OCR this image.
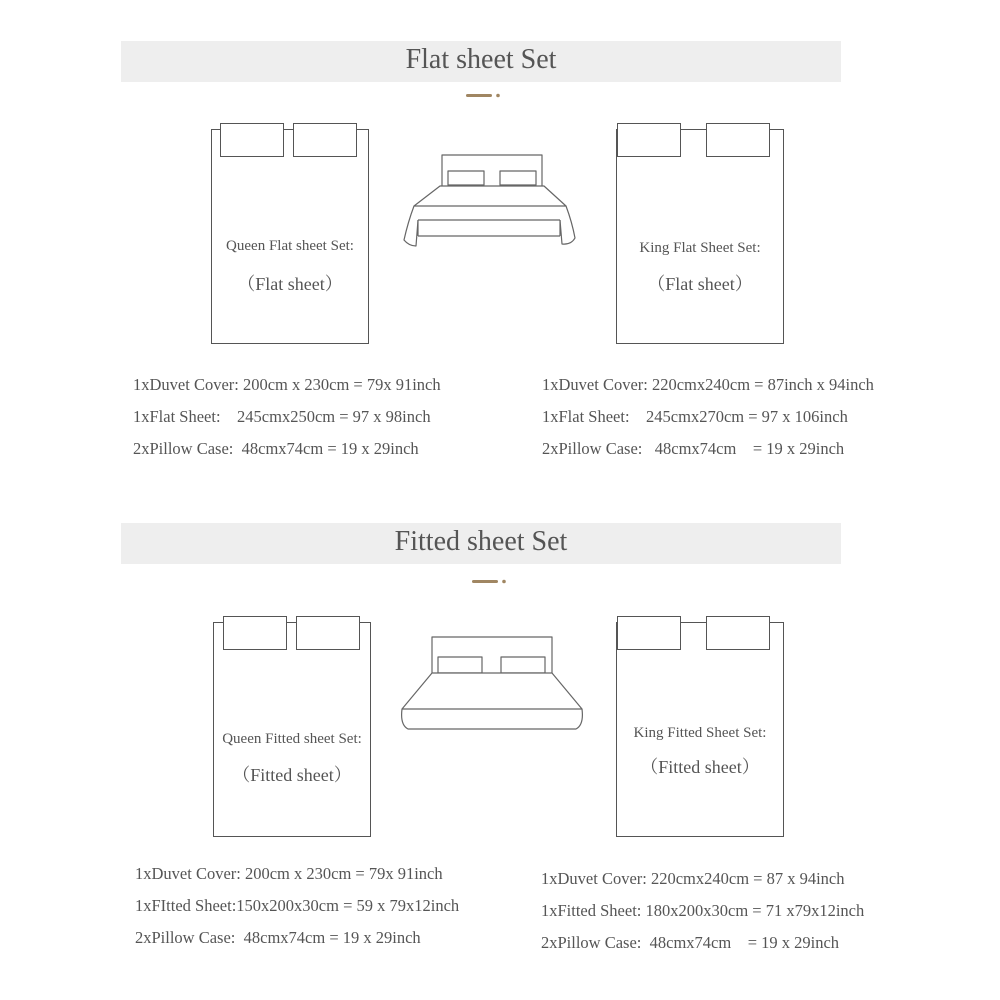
Flat sheet Set
Queen Flat sheet Set:
（Flat sheet）
King Flat Sheet Set:
（Flat sheet）
1xDuvet Cover: 200cm x 230cm = 79x 91inch
1xFlat Sheet:    245cmx250cm = 97 x 98inch
2xPillow Case:  48cmx74cm = 19 x 29inch
1xDuvet Cover: 220cmx240cm = 87inch x 94inch
1xFlat Sheet:    245cmx270cm = 97 x 106inch
2xPillow Case:   48cmx74cm    = 19 x 29inch
Fitted sheet Set
Queen Fitted sheet Set:
（Fitted sheet）
King Fitted Sheet Set:
（Fitted sheet）
1xDuvet Cover: 200cm x 230cm = 79x 91inch
1xFItted Sheet:150x200x30cm = 59 x 79x12inch
2xPillow Case:  48cmx74cm = 19 x 29inch
1xDuvet Cover: 220cmx240cm = 87 x 94inch
1xFitted Sheet: 180x200x30cm = 71 x79x12inch
2xPillow Case:  48cmx74cm    = 19 x 29inch
